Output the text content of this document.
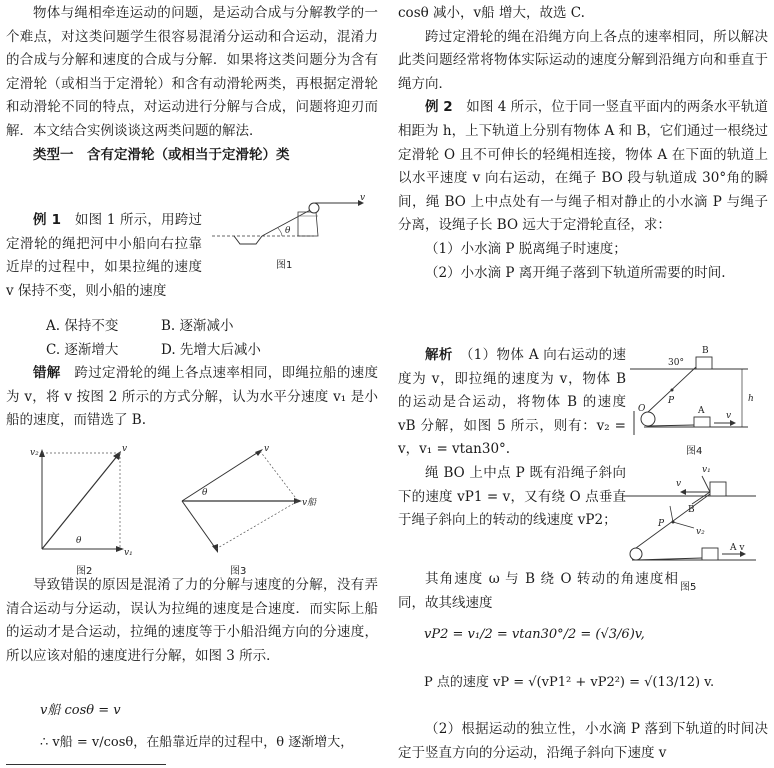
物体与绳相牵连运动的问题，是运动合成与分解教学的一个难点，对这类问题学生很容易混淆分运动和合运动，混淆力的合成与分解和速度的合成与分解．如果将这类问题分为含有定滑轮（或相当于定滑轮）和含有动滑轮两类，再根据定滑轮和动滑轮不同的特点，对运动进行分解与合成，问题将迎刃而解．本文结合实例谈谈这两类问题的解法．

类型一　含有定滑轮（或相当于定滑轮）类

例 1　如图 1 所示，用跨过定滑轮的绳把河中小船向右拉靠近岸的过程中，如果拉绳的速度 v 保持不变，则小船的速度

v
θ
图1
A. 保持不变	B. 逐渐减小
C. 逐渐增大	D. 先增大后减小

错解　跨过定滑轮的绳上各点速率相同，即绳拉船的速度为 v，将 v 按图 2 所示的方式分解，认为水平分速度 v₁ 是小船的速度，而错选了 B.

v₂	v
v₁
θ
图2
v
θ
v船
图3

导致错误的原因是混淆了力的分解与速度的分解，没有弄清合运动与分运动，误认为拉绳的速度是合速度．而实际上船的运动才是合运动，拉绳的速度等于小船沿绳方向的分速度，所以应该对船的速度进行分解，如图 3 所示．

v船 cosθ = v
∴ v船 = v/cosθ，在船靠近岸的过程中，θ 逐渐增大，

cosθ 减小，v船 增大，故选 C.

跨过定滑轮的绳在沿绳方向上各点的速率相同，所以解决此类问题经常将物体实际运动的速度分解到沿绳方向和垂直于绳方向．

例 2　如图 4 所示，位于同一竖直平面内的两条水平轨道相距为 h，上下轨道上分别有物体 A 和 B，它们通过一根绕过定滑轮 O 且不可伸长的轻绳相连接，物体 A 在下面的轨道上以水平速度 v 向右运动，在绳子 BO 段与轨道成 30°角的瞬间，绳 BO 上中点处有一与绳子相对静止的小水滴 P 与绳子分离，设绳子长 BO 远大于定滑轮直径，求：

（1）小水滴 P 脱离绳子时速度；

（2）小水滴 P 离开绳子落到下轨道所需要的时间.

解析　（1）物体 A 向右运动的速度为 v，即拉绳的速度为 v，物体 B 的运动是合运动，将物体 B 的速度 vB 分解，如图 5 所示，则有：v₂ = v，v₁ = vtan30°.

绳 BO 上中点 P 既有沿绳子斜向下的速度 vP1 = v，又有绕 O 点垂直于绳子斜向上的转动的线速度 vP2；

B
A
P
O
30°
v
h
图4
v
v₁
B
P
v₂
A v
图5

其角速度 ω 与 B 绕 O 转动的角速度相同，故其线速度

vP2 = v₁/2 = vtan30°/2 = (√3/6)v,
P 点的速度 vP = √(vP1² + vP2²) = √(13/12) v.

（2）根据运动的独立性，小水滴 P 落到下轨道的时间决定于竖直方向的分运动，沿绳子斜向下速度 v
